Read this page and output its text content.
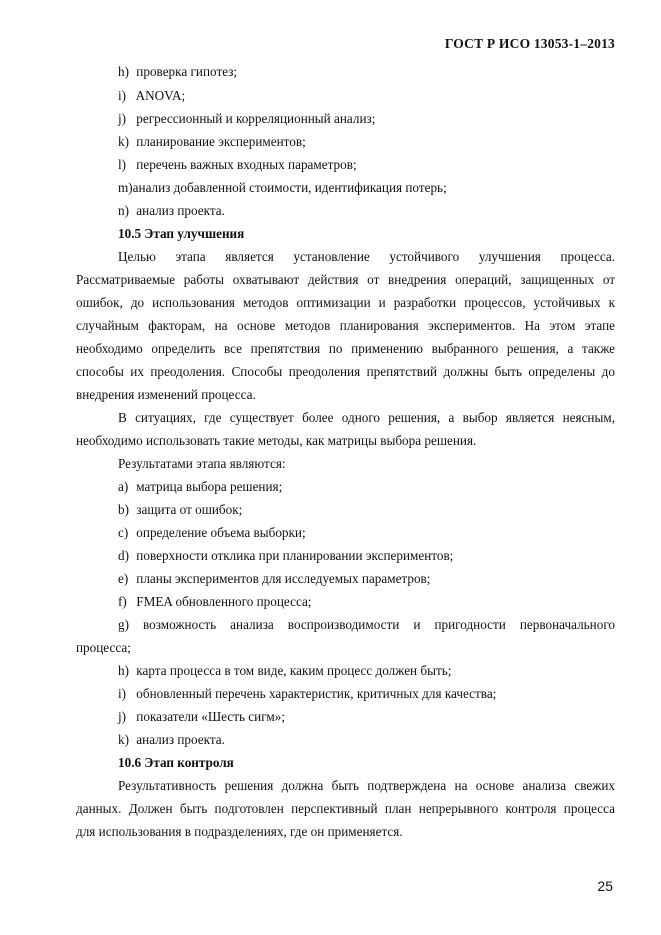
ГОСТ Р ИСО 13053-1–2013
h) проверка гипотез;
i) ANOVA;
j) регрессионный и корреляционный анализ;
k) планирование экспериментов;
l) перечень важных входных параметров;
m)анализ добавленной стоимости, идентификация потерь;
n) анализ проекта.
10.5 Этап улучшения
Целью этапа является установление устойчивого улучшения процесса.
Рассматриваемые работы охватывают действия от внедрения операций, защищенных от
ошибок, до использования методов оптимизации и разработки процессов, устойчивых к
случайным факторам, на основе методов планирования экспериментов. На этом этапе
необходимо определить все препятствия по применению выбранного решения, а также
способы их преодоления. Способы преодоления препятствий должны быть определены до
внедрения изменений процесса.
В ситуациях, где существует более одного решения, а выбор является неясным,
необходимо использовать такие методы, как матрицы выбора решения.
Результатами этапа являются:
a) матрица выбора решения;
b) защита от ошибок;
c) определение объема выборки;
d) поверхности отклика при планировании экспериментов;
e) планы экспериментов для исследуемых параметров;
f) FMEA обновленного процесса;
g) возможность анализа воспроизводимости и пригодности первоначального
процесса;
h) карта процесса в том виде, каким процесс должен быть;
i) обновленный перечень характеристик, критичных для качества;
j) показатели «Шесть сигм»;
k) анализ проекта.
10.6 Этап контроля
Результативность решения должна быть подтверждена на основе анализа свежих
данных. Должен быть подготовлен перспективный план непрерывного контроля процесса
для использования в подразделениях, где он применяется.
25
